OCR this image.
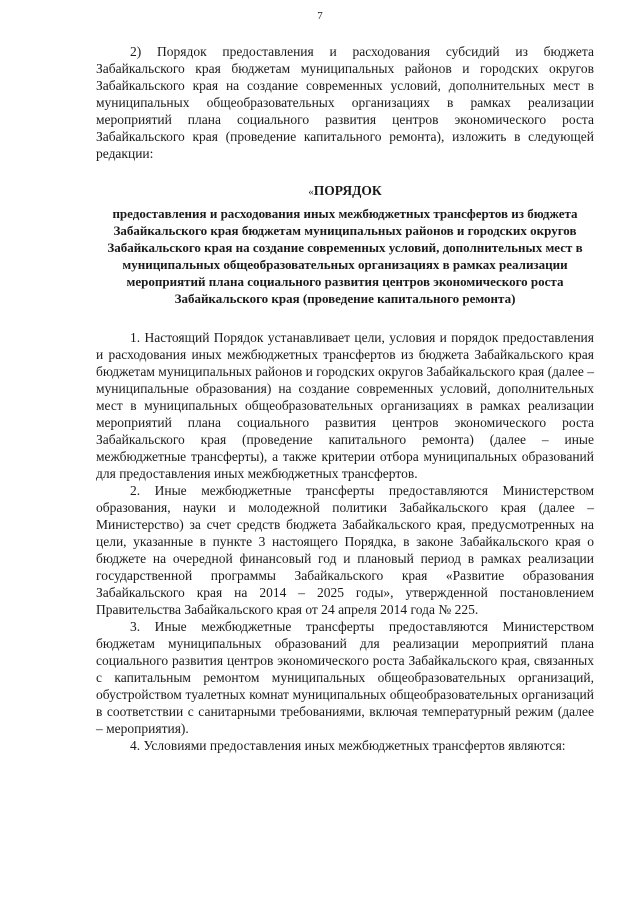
7

2) Порядок предоставления и расходования субсидий из бюджета Забайкальского края бюджетам муниципальных районов и городских округов Забайкальского края на создание современных условий, дополнительных мест в муниципальных общеобразовательных организациях в рамках реализации мероприятий плана социального развития центров экономического роста Забайкальского края (проведение капитального ремонта), изложить в следующей редакции:

«ПОРЯДОК
предоставления и расходования иных межбюджетных трансфертов из бюджета Забайкальского края бюджетам муниципальных районов и городских округов Забайкальского края на создание современных условий, дополнительных мест в муниципальных общеобразовательных организациях в рамках реализации мероприятий плана социального развития центров экономического роста Забайкальского края (проведение капитального ремонта)

1. Настоящий Порядок устанавливает цели, условия и порядок предоставления и расходования иных межбюджетных трансфертов из бюджета Забайкальского края бюджетам муниципальных районов и городских округов Забайкальского края (далее – муниципальные образования) на создание современных условий, дополнительных мест в муниципальных общеобразовательных организациях в рамках реализации мероприятий плана социального развития центров экономического роста Забайкальского края (проведение капитального ремонта) (далее – иные межбюджетные трансферты), а также критерии отбора муниципальных образований для предоставления иных межбюджетных трансфертов.

2. Иные межбюджетные трансферты предоставляются Министерством образования, науки и молодежной политики Забайкальского края (далее – Министерство) за счет средств бюджета Забайкальского края, предусмотренных на цели, указанные в пункте 3 настоящего Порядка, в законе Забайкальского края о бюджете на очередной финансовый год и плановый период в рамках реализации государственной программы Забайкальского края «Развитие образования Забайкальского края на 2014 – 2025 годы», утвержденной постановлением Правительства Забайкальского края от 24 апреля 2014 года № 225.

3. Иные межбюджетные трансферты предоставляются Министерством бюджетам муниципальных образований для реализации мероприятий плана социального развития центров экономического роста Забайкальского края, связанных с капитальным ремонтом муниципальных общеобразовательных организаций, обустройством туалетных комнат муниципальных общеобразовательных организаций в соответствии с санитарными требованиями, включая температурный режим (далее – мероприятия).

4. Условиями предоставления иных межбюджетных трансфертов являются:
